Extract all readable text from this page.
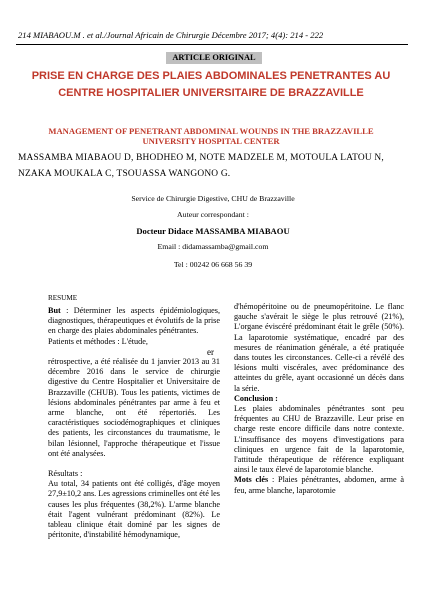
214 MIABAOU.M . et al./Journal Africain de Chirurgie Décembre 2017; 4(4): 214 - 222
ARTICLE ORIGINAL
PRISE EN CHARGE DES PLAIES ABDOMINALES PENETRANTES AU CENTRE HOSPITALIER UNIVERSITAIRE DE BRAZZAVILLE
MANAGEMENT OF PENETRANT ABDOMINAL WOUNDS IN THE BRAZZAVILLE UNIVERSITY HOSPITAL CENTER
MASSAMBA MIABAOU D, BHODHEO M, NOTE MADZELE M, MOTOULA LATOU N, NZAKA MOUKALA C, TSOUASSA WANGONO G.
Service de Chirurgie Digestive, CHU de Brazzaville
Auteur correspondant :
Docteur Didace MASSAMBA MIABAOU
Email : didamassamba@gmail.com
Tel : 00242 06 668 56 39
RESUME

But : Déterminer les aspects épidémiologiques, diagnostiques, thérapeutiques et évolutifs de la prise en charge des plaies abdominales pénétrantes.

Patients et méthodes : L'étude,

er

rétrospective, a été réalisée du 1 janvier 2013 au 31 décembre 2016 dans le service de chirurgie digestive du Centre Hospitalier et Universitaire de Brazzaville (CHUB). Tous les patients, victimes de lésions abdominales pénétrantes par arme à feu et arme blanche, ont été répertoriés. Les caractéristiques sociodémographiques et cliniques des patients, les circonstances du traumatisme, le bilan lésionnel, l'approche thérapeutique et l'issue ont été analysées.

Résultats :

Au total, 34 patients ont été colligés, d'âge moyen 27,9±10,2 ans. Les agressions criminelles ont été les causes les plus fréquentes (38,2%). L'arme blanche était l'agent vulnérant prédominant (82%). Le tableau clinique était dominé par les signes de péritonite, d'instabilité hémodynamique,

d'hémopéritoine ou de pneumopéritoine. Le flanc gauche s'avérait le siège le plus retrouvé (21%), L'organe éviscéré prédominant était le grêle (50%). La laparotomie systématique, encadré par des mesures de réanimation générale, a été pratiquée dans toutes les circonstances. Celle-ci a révélé des lésions multi viscérales, avec prédominance des atteintes du grêle, ayant occasionné un décès dans la série.

Conclusion :

Les plaies abdominales pénétrantes sont peu fréquentes au CHU de Brazzaville. Leur prise en charge reste encore difficile dans notre contexte. L'insuffisance des moyens d'investigations para cliniques en urgence fait de la laparotomie, l'attitude thérapeutique de référence expliquant ainsi le taux élevé de laparotomie blanche.

Mots clés : Plaies pénétrantes, abdomen, arme à feu, arme blanche, laparotomie
